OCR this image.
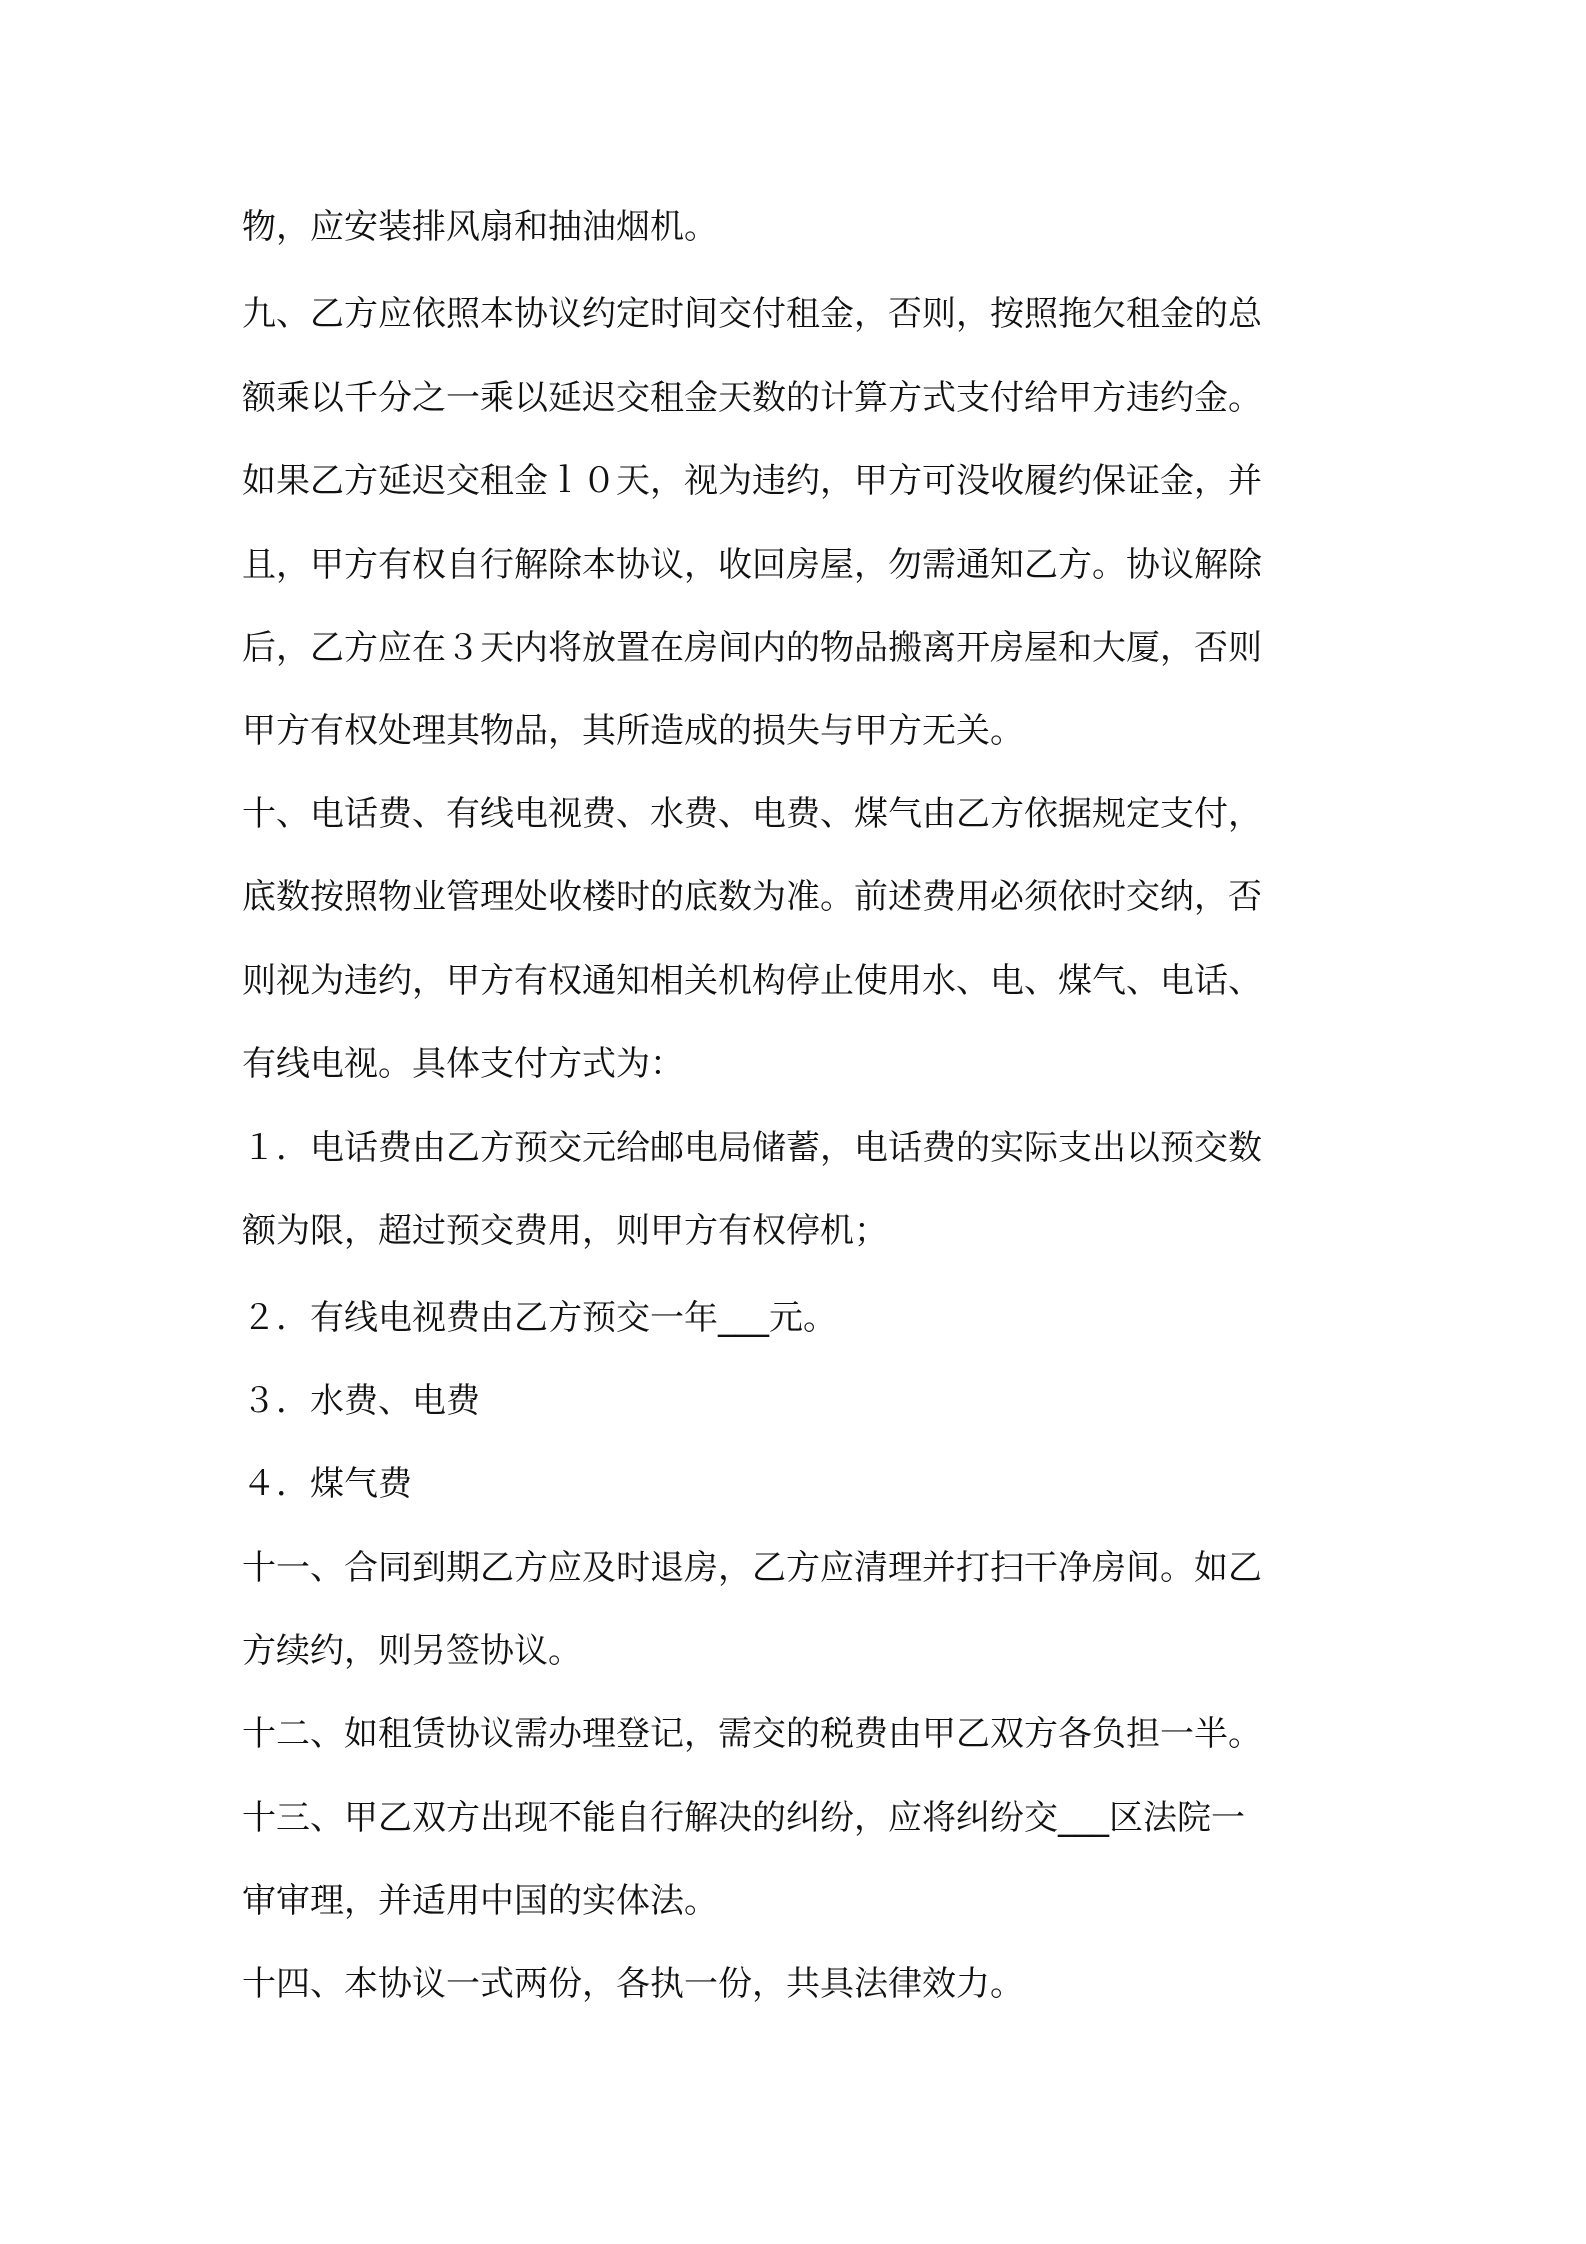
物，应安装排风扇和抽油烟机。
九、乙方应依照本协议约定时间交付租金，否则，按照拖欠租金的总
额乘以千分之一乘以延迟交租金天数的计算方式支付给甲方违约金。
如果乙方延迟交租金ｌ０天，视为违约，甲方可没收履约保证金，并
且，甲方有权自行解除本协议，收回房屋，勿需通知乙方。协议解除
后，乙方应在３天内将放置在房间内的物品搬离开房屋和大厦，否则
甲方有权处理其物品，其所造成的损失与甲方无关。
十、电话费、有线电视费、水费、电费、煤气由乙方依据规定支付，
底数按照物业管理处收楼时的底数为准。前述费用必须依时交纳，否
则视为违约，甲方有权通知相关机构停止使用水、电、煤气、电话、
有线电视。具体支付方式为：
１．电话费由乙方预交元给邮电局储蓄，电话费的实际支出以预交数
额为限，超过预交费用，则甲方有权停机；
２．有线电视费由乙方预交一年___元。
３．水费、电费
４．煤气费
十一、合同到期乙方应及时退房，乙方应清理并打扫干净房间。如乙
方续约，则另签协议。
十二、如租赁协议需办理登记，需交的税费由甲乙双方各负担一半。
十三、甲乙双方出现不能自行解决的纠纷，应将纠纷交___区法院一
审审理，并适用中国的实体法。
十四、本协议一式两份，各执一份，共具法律效力。
